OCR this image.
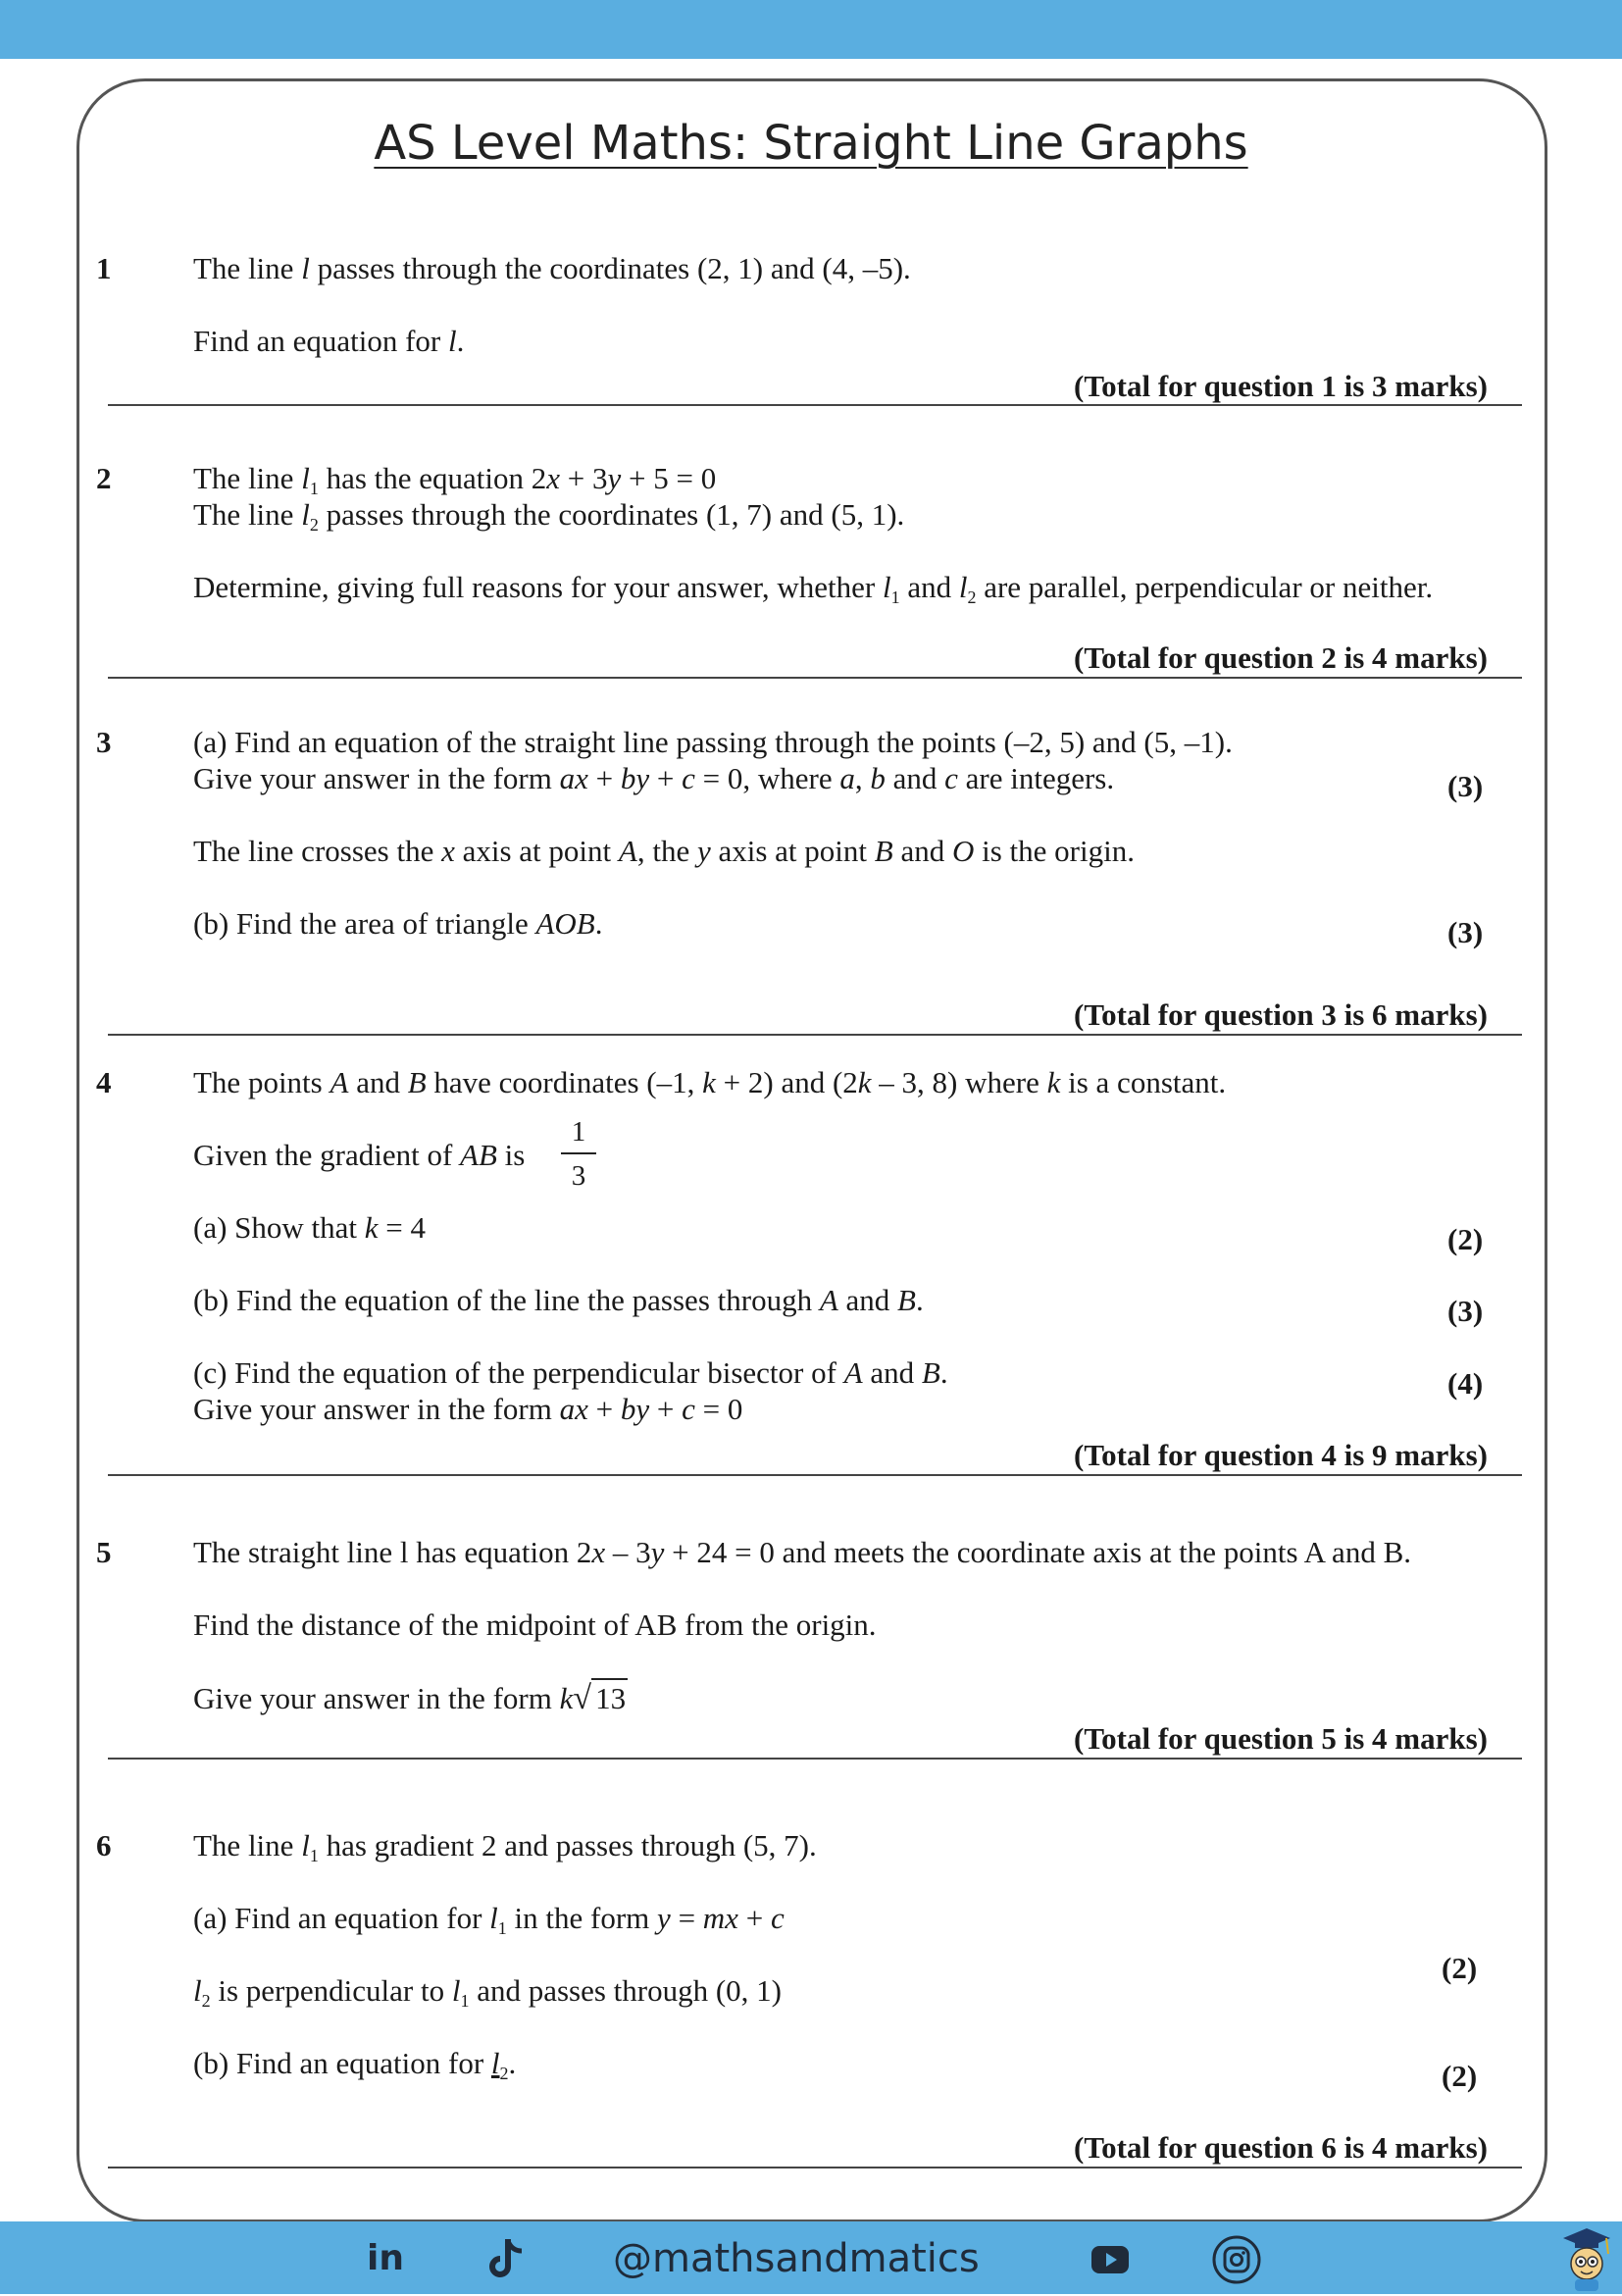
AS Level Maths: Straight Line Graphs
1	The line l passes through the coordinates (2, 1) and (4, –5).
Find an equation for l.
(Total for question 1 is 3 marks)
2	The line $l_1$ has the equation 2x + 3y + 5 = 0
The line $l_2$ passes through the coordinates (1, 7) and (5, 1).
Determine, giving full reasons for your answer, whether $l_1$ and $l_2$ are parallel, perpendicular or neither.
(Total for question 2 is 4 marks)
3	(a) Find an equation of the straight line passing through the points (–2, 5) and (5, –1).
Give your answer in the form ax + by + c = 0, where a, b and c are integers.	(3)
The line crosses the x axis at point A, the y axis at point B and O is the origin.
(b) Find the area of triangle AOB.	(3)
(Total for question 3 is 6 marks)
4	The points A and B have coordinates (–1, k + 2) and (2k – 3, 8) where k is a constant.
Given the gradient of AB is
1
3
(a) Show that k = 4	(2)
(b) Find the equation of the line the passes through A and B.	(3)
(c) Find the equation of the perpendicular bisector of A and B.
Give your answer in the form ax + by + c = 0
(4)
(Total for question 4 is 9 marks)
5	The straight line l has equation 2x – 3y + 24 = 0 and meets the coordinate axis at the points A and B.
Find the distance of the midpoint of AB from the origin.
Give your answer in the form k√ 13
(Total for question 5 is 4 marks)
6	The line $l_1$ has gradient 2 and passes through (5, 7).
(a) Find an equation for $l_1$ in the form y = mx + c
$l_2$ is perpendicular to $l_1$ and passes through (0, 1)
(2)
(b) Find an equation for $l_2$.	(2)
(Total for question 6 is 4 marks)
in	@mathsandmatics
